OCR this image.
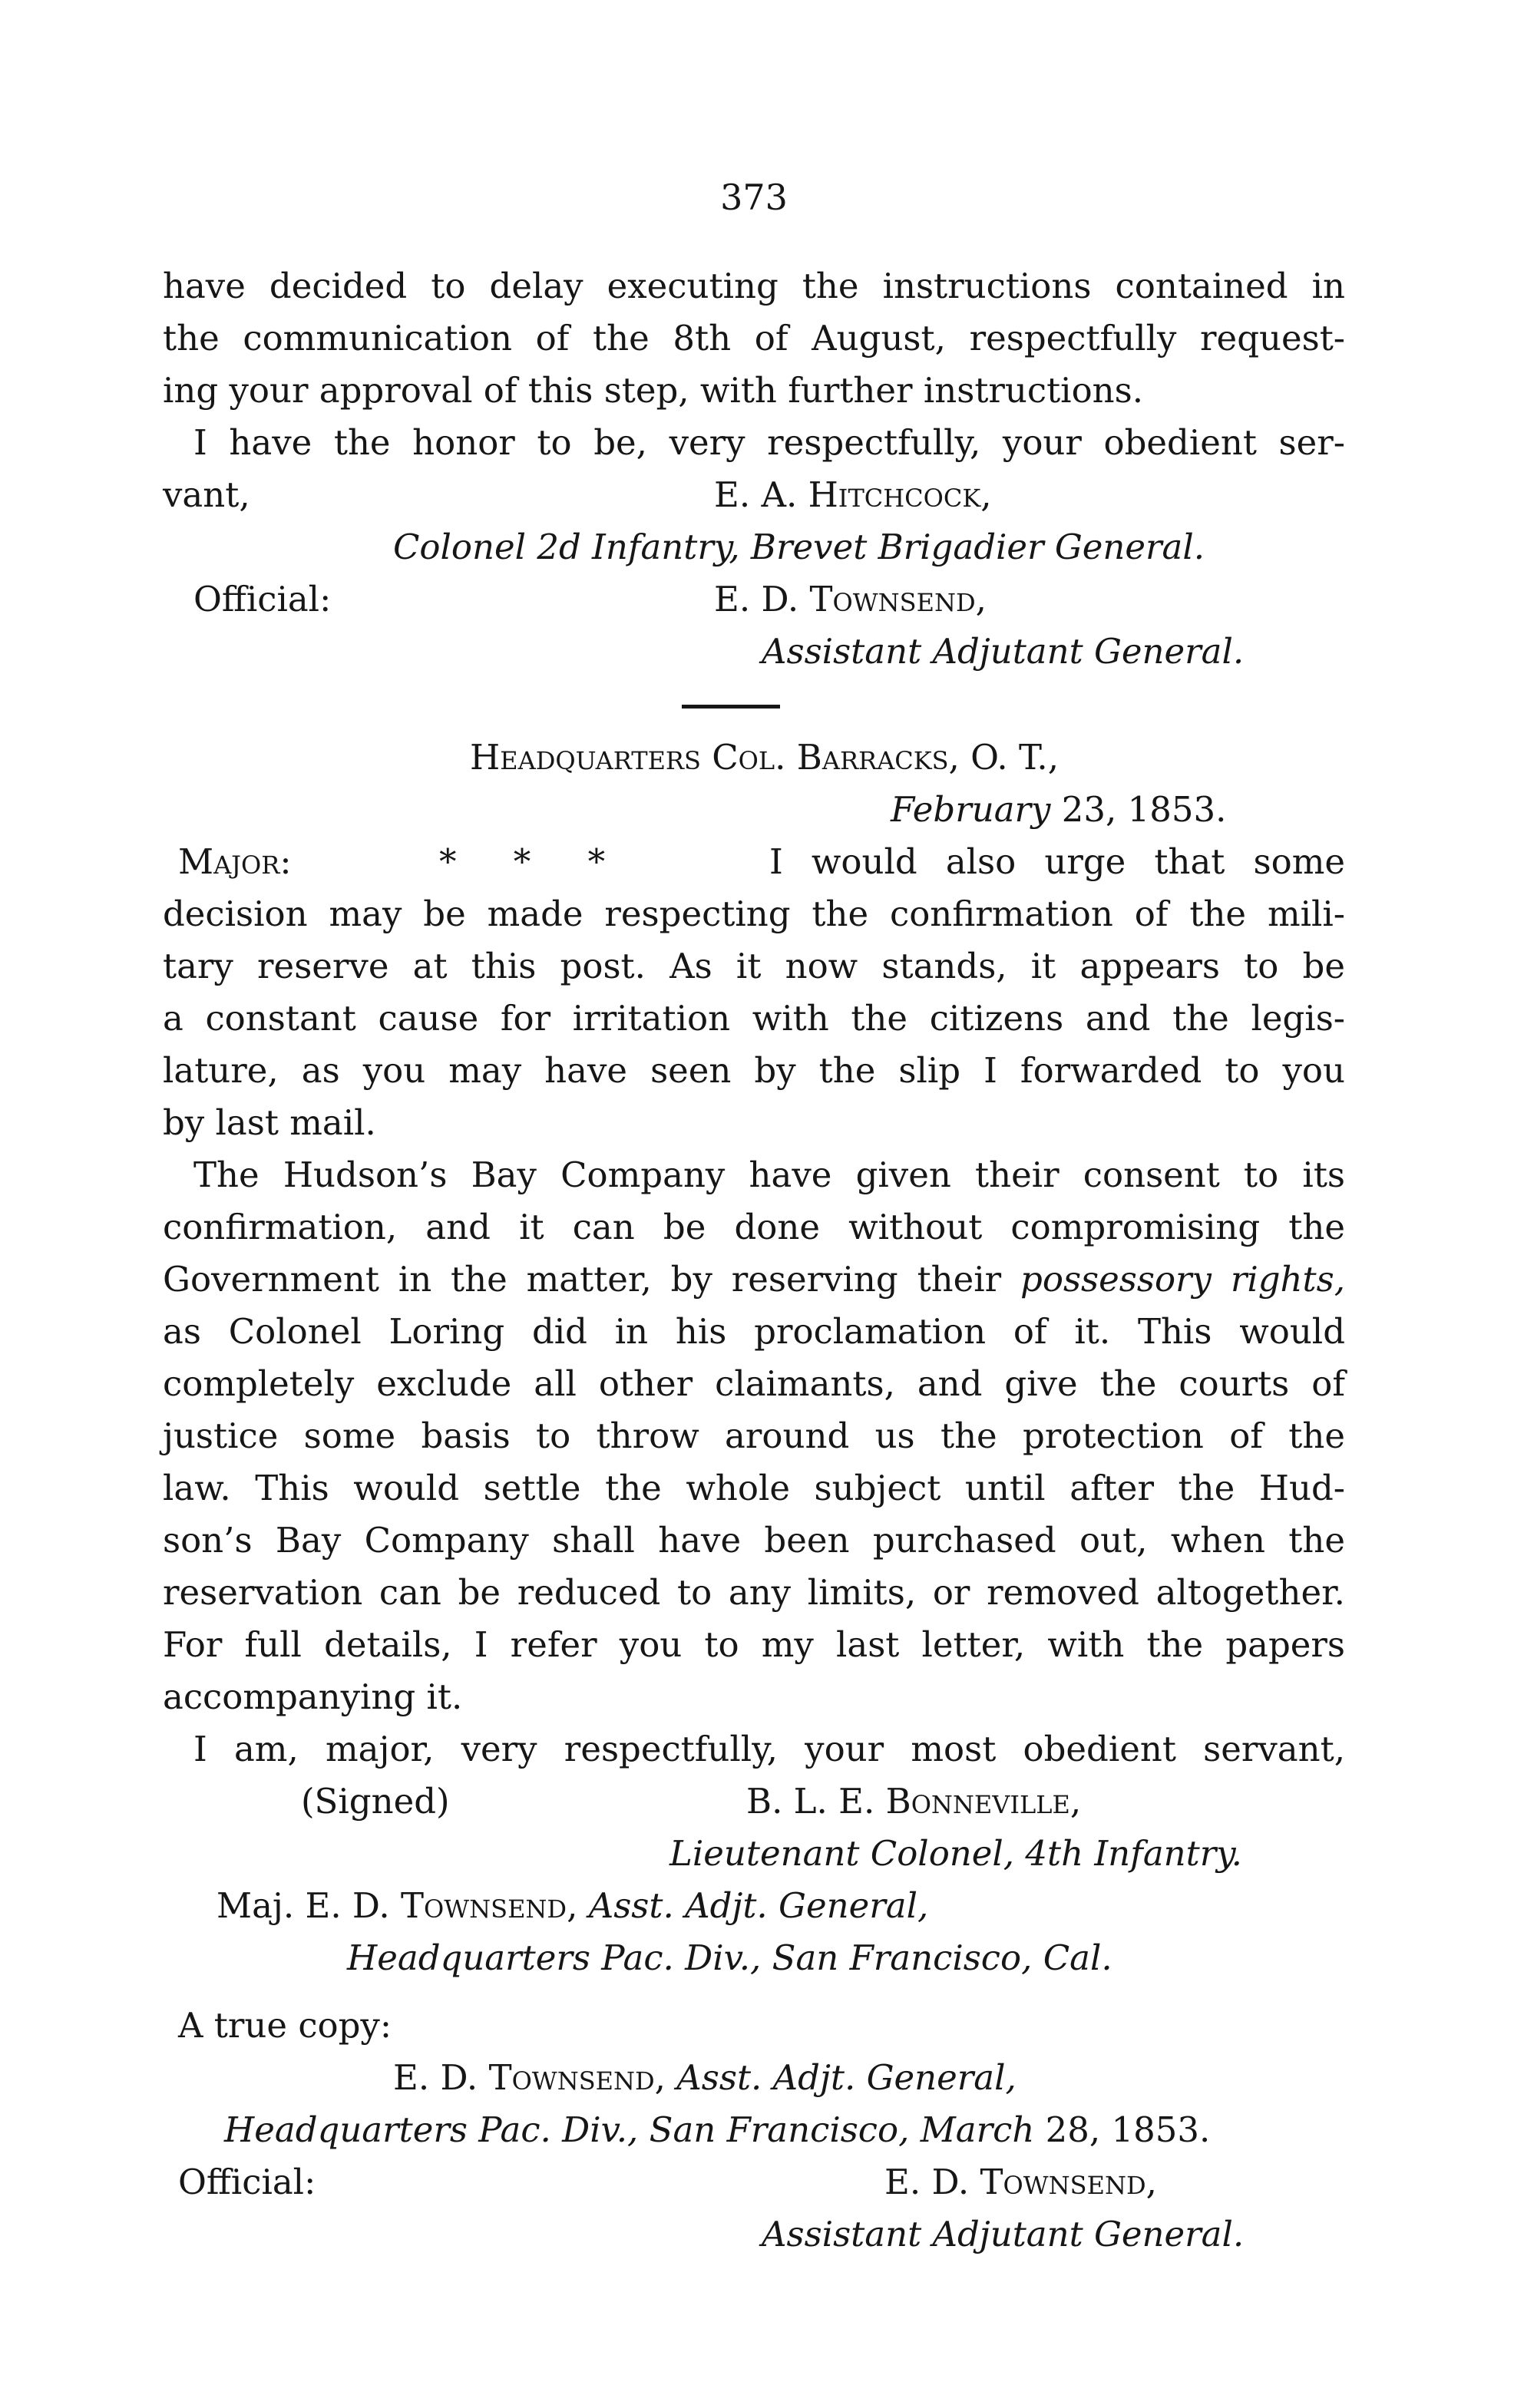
373
have decided to delay executing the instructions contained in
the communication of the 8th of August, respectfully request-
ing your approval of this step, with further instructions.
I have the honor to be, very respectfully, your obedient ser-
vant,	E. A. Hitchcock,
Colonel 2d Infantry, Brevet Brigadier General.
Official:	E. D. Townsend,
Assistant Adjutant General.
Headquarters Col. Barracks, O. T.,
February 23, 1853.
Major:	* * *	I would also urge that some
decision may be made respecting the confirmation of the mili-
tary reserve at this post. As it now stands, it appears to be
a constant cause for irritation with the citizens and the legis-
lature, as you may have seen by the slip I forwarded to you
by last mail.
The Hudson’s Bay Company have given their consent to its
confirmation, and it can be done without compromising the
Government in the matter, by reserving their possessory rights,
as Colonel Loring did in his proclamation of it. This would
completely exclude all other claimants, and give the courts of
justice some basis to throw around us the protection of the
law. This would settle the whole subject until after the Hud-
son’s Bay Company shall have been purchased out, when the
reservation can be reduced to any limits, or removed altogether.
For full details, I refer you to my last letter, with the papers
accompanying it.
I am, major, very respectfully, your most obedient servant,
(Signed)	B. L. E. Bonneville,
Lieutenant Colonel, 4th Infantry.
Maj. E. D. Townsend, Asst. Adjt. General,
Headquarters Pac. Div., San Francisco, Cal.
A true copy:
E. D. Townsend, Asst. Adjt. General,
Headquarters Pac. Div., San Francisco, March 28, 1853.
Official:	E. D. Townsend,
Assistant Adjutant General.
